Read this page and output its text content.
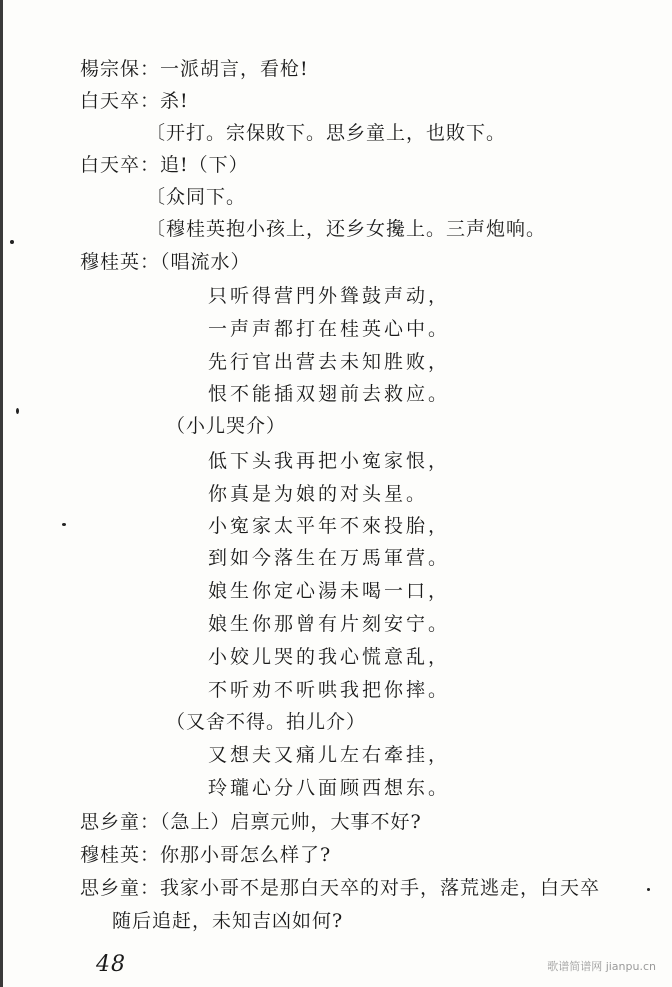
楊宗保：一派胡言，看枪!
白天卒：杀!
〔开打。宗保敗下。思乡童上，也敗下。
白天卒：追!（下）
〔众同下。
〔穆桂英抱小孩上，还乡女攙上。三声炮响。
穆桂英：（唱流水）
只听得营門外聳鼓声动，
一声声都打在桂英心中。
先行官出营去未知胜败，
恨不能插双翅前去救应。
（小儿哭介）
低下头我再把小寃家恨，
你真是为娘的对头星。
小寃家太平年不來投胎，
到如今落生在万馬軍营。
娘生你定心湯未喝一口，
娘生你那曾有片刻安宁。
小姣儿哭的我心慌意乱，
不听劝不听哄我把你摔。
（又舍不得。拍儿介）
又想夫又痛儿左右牽挂，
玲瓏心分八面顾西想东。
思乡童：（急上）启禀元帅，大事不好?
穆桂英：你那小哥怎么样了?
思乡童：我家小哥不是那白天卒的对手，落荒逃走，白天卒
随后追赶，未知吉凶如何?
48	歌谱简谱网 jianpu.cn
